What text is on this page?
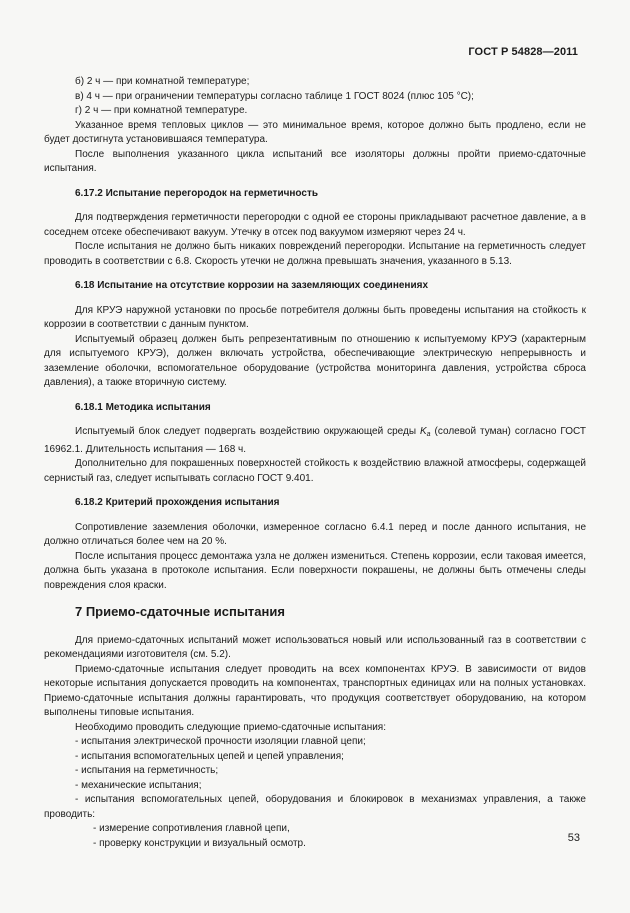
ГОСТ Р 54828—2011

б) 2 ч — при комнатной температуре;

в) 4 ч — при ограничении температуры согласно таблице 1 ГОСТ 8024 (плюс 105 °С);

г) 2 ч — при комнатной температуре.

Указанное время тепловых циклов — это минимальное время, которое должно быть продлено, если не будет достигнута установившаяся температура.

После выполнения указанного цикла испытаний все изоляторы должны пройти приемо-сдаточные испытания.

6.17.2 Испытание перегородок на герметичность

Для подтверждения герметичности перегородки с одной ее стороны прикладывают расчетное давление, а в соседнем отсеке обеспечивают вакуум. Утечку в отсек под вакуумом измеряют через 24 ч.

После испытания не должно быть никаких повреждений перегородки. Испытание на герметичность следует проводить в соответствии с 6.8. Скорость утечки не должна превышать значения, указанного в 5.13.

6.18 Испытание на отсутствие коррозии на заземляющих соединениях

Для КРУЭ наружной установки по просьбе потребителя должны быть проведены испытания на стойкость к коррозии в соответствии с данным пунктом.

Испытуемый образец должен быть репрезентативным по отношению к испытуемому КРУЭ (характерным для испытуемого КРУЭ), должен включать устройства, обеспечивающие электрическую непрерывность и заземление оболочки, вспомогательное оборудование (устройства мониторинга давления, устройства сброса давления), а также вторичную систему.

6.18.1 Методика испытания

Испытуемый блок следует подвергать воздействию окружающей среды $K_a$ (солевой туман) согласно ГОСТ 16962.1. Длительность испытания — 168 ч.

Дополнительно для покрашенных поверхностей стойкость к воздействию влажной атмосферы, содержащей сернистый газ, следует испытывать согласно ГОСТ 9.401.

6.18.2 Критерий прохождения испытания

Сопротивление заземления оболочки, измеренное согласно 6.4.1 перед и после данного испытания, не должно отличаться более чем на 20 %.

После испытания процесс демонтажа узла не должен измениться. Степень коррозии, если таковая имеется, должна быть указана в протоколе испытания. Если поверхности покрашены, не должны быть отмечены следы повреждения слоя краски.

7 Приемо-сдаточные испытания

Для приемо-сдаточных испытаний может использоваться новый или использованный газ в соответствии с рекомендациями изготовителя (см. 5.2).

Приемо-сдаточные испытания следует проводить на всех компонентах КРУЭ. В зависимости от видов некоторые испытания допускается проводить на компонентах, транспортных единицах или на полных установках. Приемо-сдаточные испытания должны гарантировать, что продукция соответствует оборудованию, на котором выполнены типовые испытания.

Необходимо проводить следующие приемо-сдаточные испытания:

- испытания электрической прочности изоляции главной цепи;

- испытания вспомогательных цепей и цепей управления;

- испытания на герметичность;

- механические испытания;

- испытания вспомогательных цепей, оборудования и блокировок в механизмах управления, а также проводить:

- измерение сопротивления главной цепи,

- проверку конструкции и визуальный осмотр.	53
